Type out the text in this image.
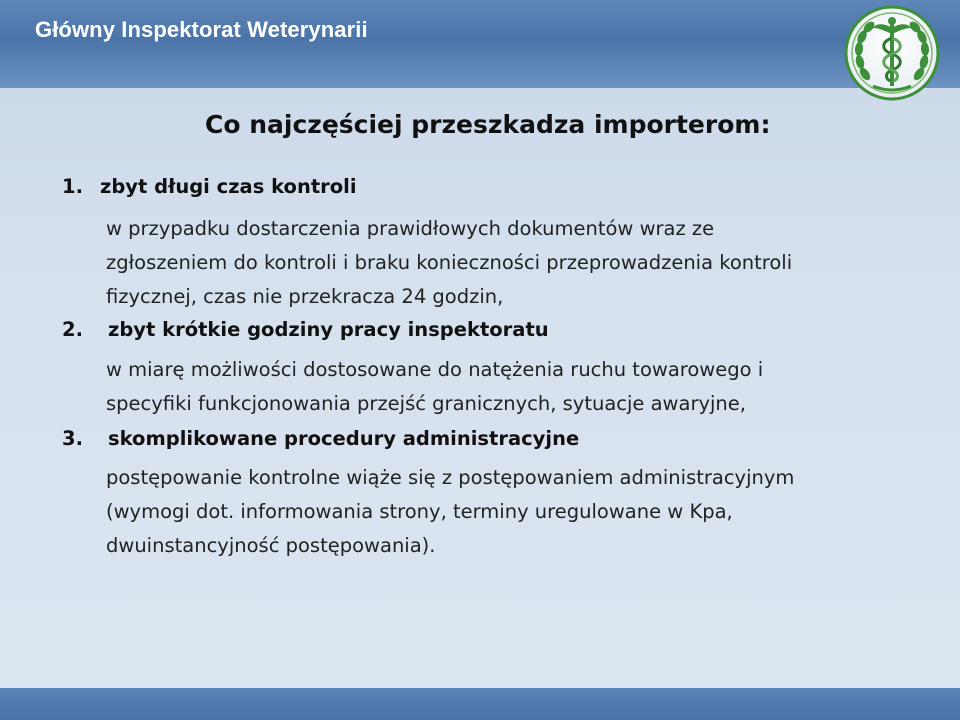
Główny Inspektorat Weterynarii
Co najczęściej przeszkadza importerom:
1. zbyt długi czas kontroli
w przypadku dostarczenia prawidłowych dokumentów wraz ze
zgłoszeniem do kontroli i braku konieczności przeprowadzenia kontroli
fizycznej, czas nie przekracza 24 godzin,
2. zbyt krótkie godziny pracy inspektoratu
w miarę możliwości dostosowane do natężenia ruchu towarowego i
specyfiki funkcjonowania przejść granicznych, sytuacje awaryjne,
3. skomplikowane procedury administracyjne
postępowanie kontrolne wiąże się z postępowaniem administracyjnym
(wymogi dot. informowania strony, terminy uregulowane w Kpa,
dwuinstancyjność postępowania).
